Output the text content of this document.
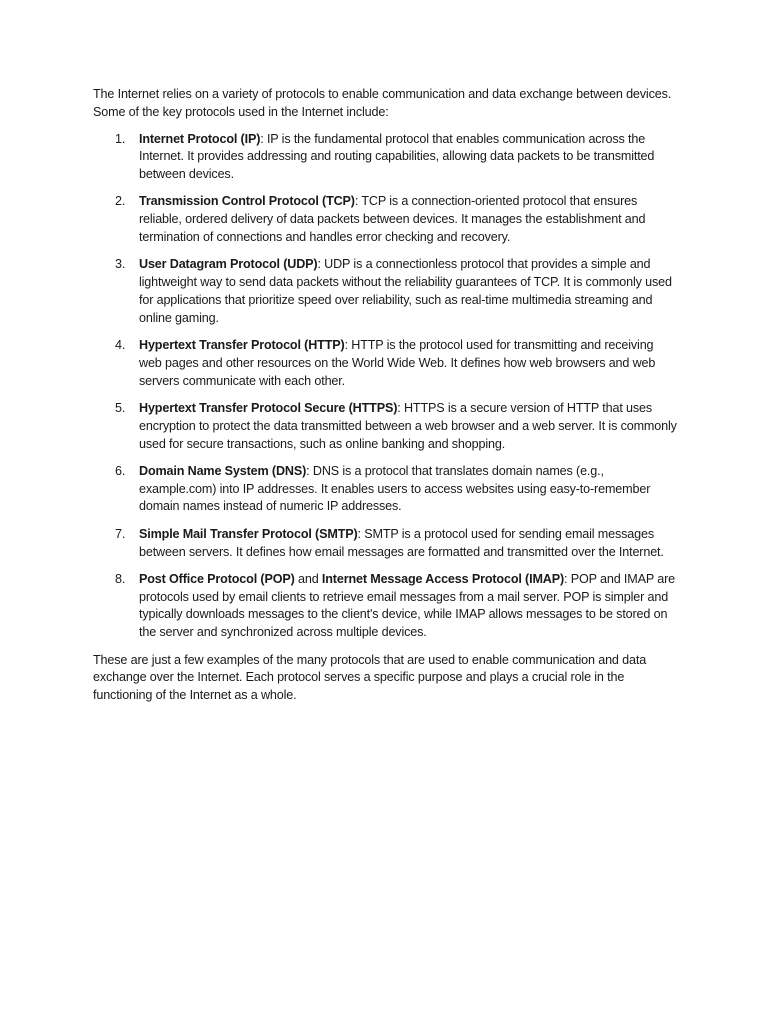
The Internet relies on a variety of protocols to enable communication and data exchange between devices. Some of the key protocols used in the Internet include:

1. Internet Protocol (IP): IP is the fundamental protocol that enables communication across the Internet. It provides addressing and routing capabilities, allowing data packets to be transmitted between devices.
2. Transmission Control Protocol (TCP): TCP is a connection-oriented protocol that ensures reliable, ordered delivery of data packets between devices. It manages the establishment and termination of connections and handles error checking and recovery.
3. User Datagram Protocol (UDP): UDP is a connectionless protocol that provides a simple and lightweight way to send data packets without the reliability guarantees of TCP. It is commonly used for applications that prioritize speed over reliability, such as real-time multimedia streaming and online gaming.
4. Hypertext Transfer Protocol (HTTP): HTTP is the protocol used for transmitting and receiving web pages and other resources on the World Wide Web. It defines how web browsers and web servers communicate with each other.
5. Hypertext Transfer Protocol Secure (HTTPS): HTTPS is a secure version of HTTP that uses encryption to protect the data transmitted between a web browser and a web server. It is commonly used for secure transactions, such as online banking and shopping.
6. Domain Name System (DNS): DNS is a protocol that translates domain names (e.g., example.com) into IP addresses. It enables users to access websites using easy-to-remember domain names instead of numeric IP addresses.
7. Simple Mail Transfer Protocol (SMTP): SMTP is a protocol used for sending email messages between servers. It defines how email messages are formatted and transmitted over the Internet.
8. Post Office Protocol (POP) and Internet Message Access Protocol (IMAP): POP and IMAP are protocols used by email clients to retrieve email messages from a mail server. POP is simpler and typically downloads messages to the client's device, while IMAP allows messages to be stored on the server and synchronized across multiple devices.

These are just a few examples of the many protocols that are used to enable communication and data exchange over the Internet. Each protocol serves a specific purpose and plays a crucial role in the functioning of the Internet as a whole.
